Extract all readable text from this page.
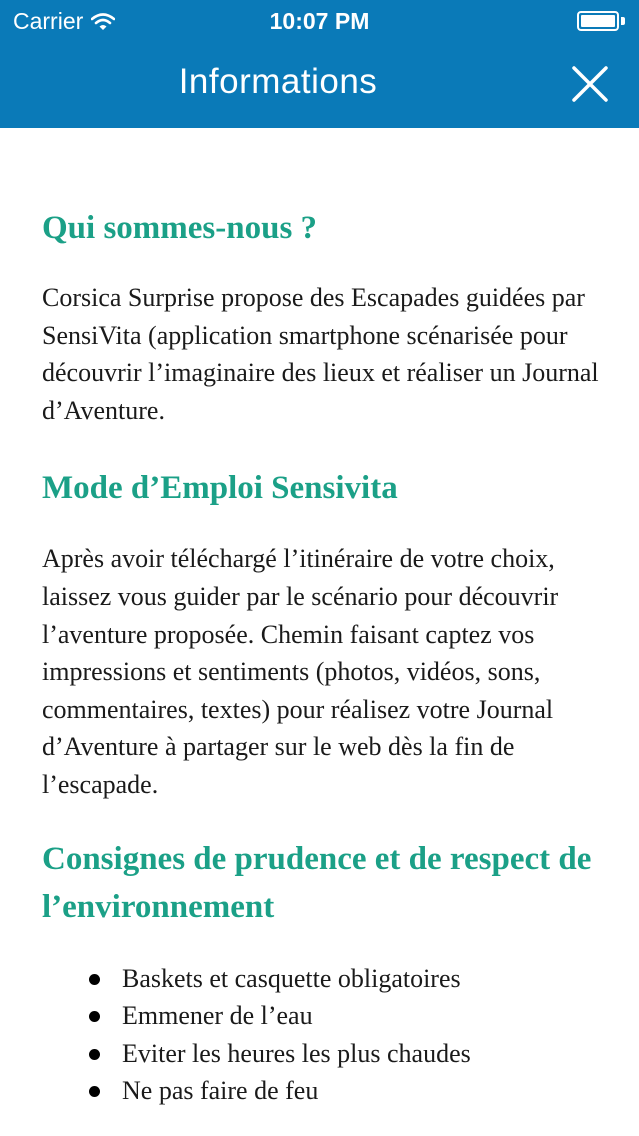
Carrier	10:07 PM
Informations
Qui sommes-nous ?

Corsica Surprise propose des Escapades guidées par SensiVita (application smartphone scénarisée pour découvrir l’imaginaire des lieux et réaliser un Journal d’Aventure.

Mode d’Emploi Sensivita

Après avoir téléchargé l’itinéraire de votre choix, laissez vous guider par le scénario pour découvrir l’aventure proposée. Chemin faisant captez vos impressions et sentiments (photos, vidéos, sons, commentaires, textes) pour réalisez votre Journal d’Aventure à partager sur le web dès la fin de l’escapade.

Consignes de prudence et de respect de l’environnement
Baskets et casquette obligatoires
Emmener de l’eau
Eviter les heures les plus chaudes
Ne pas faire de feu
